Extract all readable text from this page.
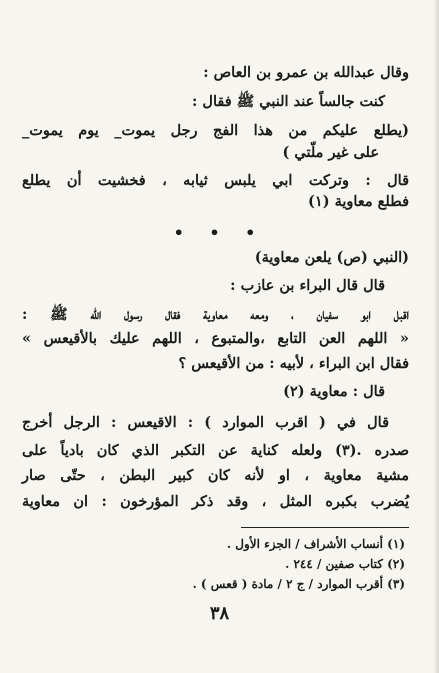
وقال عبدالله بن عمرو بن العاص :
كنت جالساً عند النبي ﷺ فقال :
(يطلع عليكم من هذا الفج رجل يموت_ يوم يموت_
على غير ملّتي )
قال : وتركت ابي يلبس ثيابه ، فخشيت أن يطلع
فطلع معاوية (١)
• • •
(النبي (ص) يلعن معاوية)
قال قال البراء بن عازب :
اقبل ابو سفيان ، ومعه معاوية فقال رسول الله ﷺ :
« اللهم العن التابع ،والمتبوع ، اللهم عليك بالأقيعس »
فقال ابن البراء ، لأبيه : من الأقيعس ؟
قال : معاوية (٢)
قال في ( اقرب الموارد ) : الاقيعس : الرجل أخرج
صدره .(٣) ولعله كناية عن التكبر الذي كان بادياً على
مشية معاوية ، او لأنه كان كبير البطن ، حتّى صار
يُضرب بكبره المثل ، وقد ذكر المؤرخون : ان معاوية
(١) أنساب الأشراف / الجزء الأول .
(٢) كتاب صفين / ٢٤٤ .
(٣) أقرب الموارد / ج ٢ / مادة ( قعس ) .
٣٨
